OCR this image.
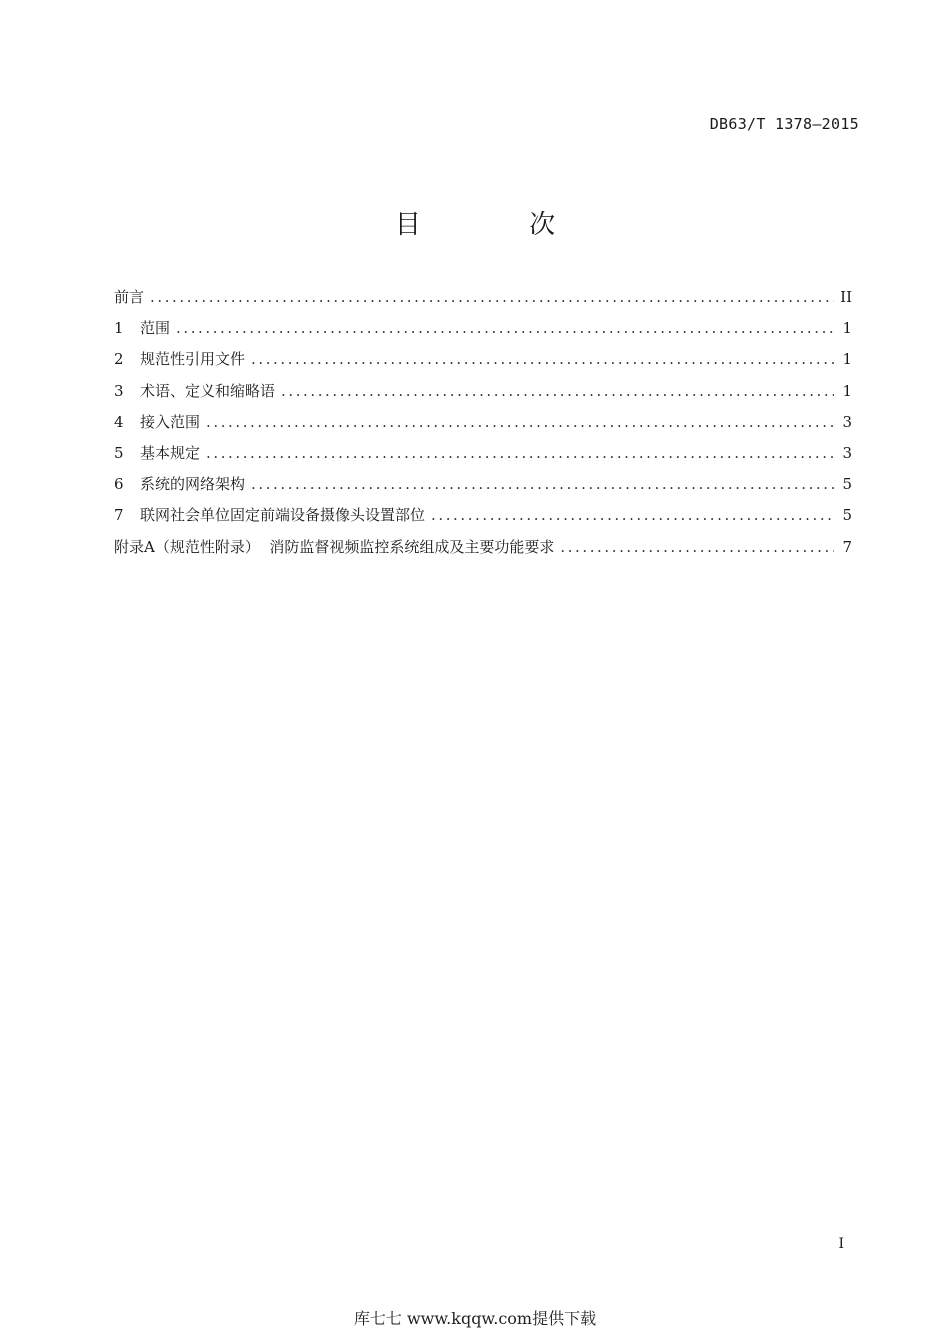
DB63/T 1378—2015
目 次
前言 . . .	II
1	范围 . . .	1
2	规范性引用文件 . . .	1
3	术语、定义和缩略语 . . .	1
4	接入范围 . . .	3
5	基本规定 . . .	3
6	系统的网络架构 . . .	5
7	联网社会单位固定前端设备摄像头设置部位 . . .	5
附录A（规范性附录）  消防监督视频监控系统组成及主要功能要求 . . .	7
I
库七七 www.kqqw.com提供下载
